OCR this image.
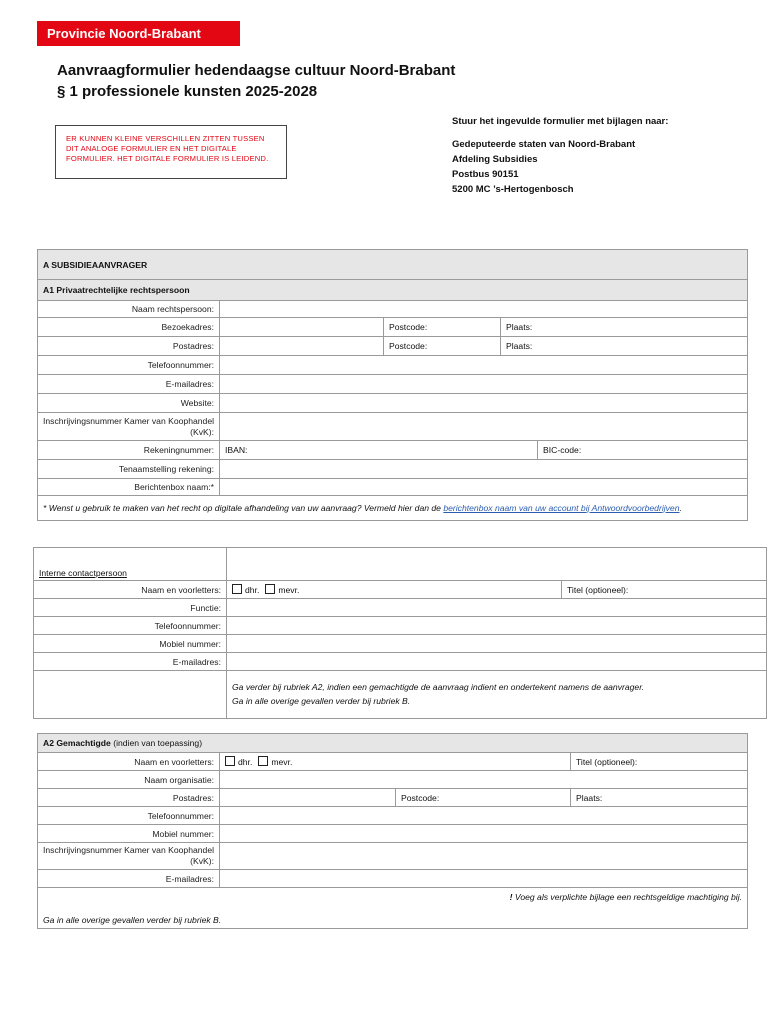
Provincie Noord-Brabant
Aanvraagformulier hedendaagse cultuur Noord-Brabant
§ 1 professionele kunsten 2025-2028
ER KUNNEN KLEINE VERSCHILLEN ZITTEN TUSSEN DIT ANALOGE FORMULIER EN HET DIGITALE FORMULIER. HET DIGITALE FORMULIER IS LEIDEND.
Stuur het ingevulde formulier met bijlagen naar:
Gedeputeerde staten van Noord-Brabant
Afdeling Subsidies
Postbus 90151
5200 MC ’s-Hertogenbosch
A SUBSIDIEAANVRAGER				
A1 Privaatrechtelijke rechtspersoon				
Naam rechtspersoon:				
Bezoekadres:		Postcode:	Plaats:	
Postadres:		Postcode:	Plaats:	
Telefoonnummer:				
E-mailadres:				
Website:				
Inschrijvingsnummer Kamer van Koophandel (KvK):				
Rekeningnummer:	IBAN:			BIC-code:
Tenaamstelling rekening:				
Berichtenbox naam:*				
* Wenst u gebruik te maken van het recht op digitale afhandeling van uw aanvraag? Vermeld hier dan de berichtenbox naam van uw account bij Antwoordvoorbedrijven.				
Interne contactpersoon		
Naam en voorletters:	dhr. mevr.	Titel (optioneel):
Functie:		
Telefoonnummer:		
Mobiel nummer:		
E-mailadres:		

	Ga verder bij rubriek A2, indien een gemachtigde de aanvraag indient en ondertekent namens de aanvrager.
Ga in alle overige gevallen verder bij rubriek B.	
A2 Gemachtigde (indien van toepassing)			
Naam en voorletters:	dhr. mevr.		Titel (optioneel):
Naam organisatie:			
Postadres:		Postcode:	Plaats:
Telefoonnummer:			
Mobiel nummer:			
Inschrijvingsnummer Kamer van Koophandel (KvK):			
E-mailadres:			
! Voeg als verplichte bijlage een rechtsgeldige machtiging bij.			
Ga in alle overige gevallen verder bij rubriek B.			
